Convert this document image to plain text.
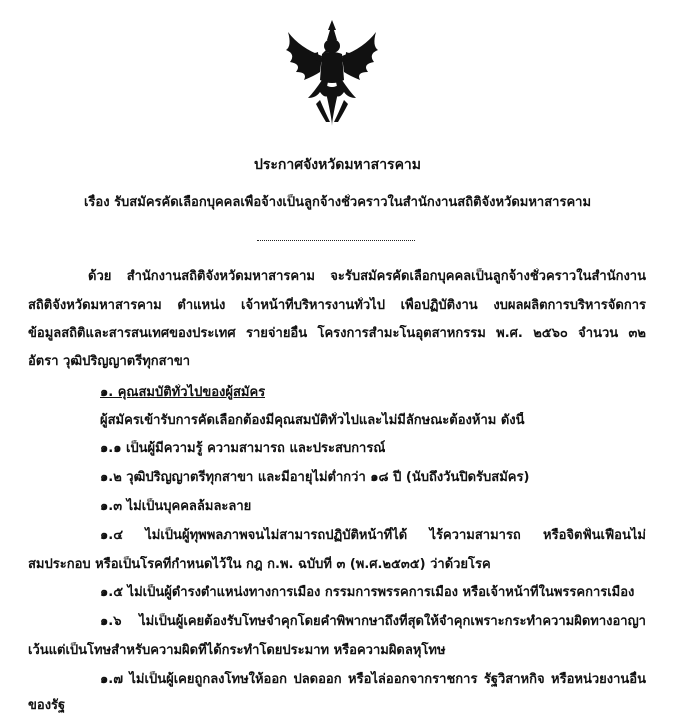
ประกาศจังหวัดมหาสารคาม
เรื่อง รับสมัครคัดเลือกบุคคลเพื่อจ้างเป็นลูกจ้างชั่วคราวในสำนักงานสถิติจังหวัดมหาสารคาม
ด้วย สำนักงานสถิติจังหวัดมหาสารคาม จะรับสมัครคัดเลือกบุคคลเป็นลูกจ้างชั่วคราวในสำนักงาน
สถิติจังหวัดมหาสารคาม ตำแหน่ง เจ้าหน้าที่บริหารงานทั่วไป เพื่อปฏิบัติงาน งบผลผลิตการบริหารจัดการ
ข้อมูลสถิติและสารสนเทศของประเทศ รายจ่ายอื่น โครงการสำมะโนอุตสาหกรรม พ.ศ. ๒๕๖๐ จำนวน ๓๒
อัตรา วุฒิปริญญาตรีทุกสาขา
๑. คุณสมบัติทั่วไปของผู้สมัคร
ผู้สมัครเข้ารับการคัดเลือกต้องมีคุณสมบัติทั่วไปและไม่มีลักษณะต้องห้าม ดังนี้
๑.๑ เป็นผู้มีความรู้ ความสามารถ และประสบการณ์
๑.๒ วุฒิปริญญาตรีทุกสาขา และมีอายุไม่ต่ำกว่า ๑๘ ปี (นับถึงวันปิดรับสมัคร)
๑.๓ ไม่เป็นบุคคลล้มละลาย
๑.๔ ไม่เป็นผู้ทุพพลภาพจนไม่สามารถปฏิบัติหน้าที่ได้ ไร้ความสามารถ หรือจิตฟั่นเฟือนไม่
สมประกอบ หรือเป็นโรคที่กำหนดไว้ใน กฎ ก.พ. ฉบับที่ ๓ (พ.ศ.๒๕๓๕) ว่าด้วยโรค
๑.๕ ไม่เป็นผู้ดำรงตำแหน่งทางการเมือง กรรมการพรรคการเมือง หรือเจ้าหน้าที่ในพรรคการเมือง
๑.๖ ไม่เป็นผู้เคยต้องรับโทษจำคุกโดยคำพิพากษาถึงที่สุดให้จำคุกเพราะกระทำความผิดทางอาญา
เว้นแต่เป็นโทษสำหรับความผิดที่ได้กระทำโดยประมาท หรือความผิดลหุโทษ
๑.๗ ไม่เป็นผู้เคยถูกลงโทษให้ออก ปลดออก หรือไล่ออกจากราชการ รัฐวิสาหกิจ หรือหน่วยงานอื่น
ของรัฐ
